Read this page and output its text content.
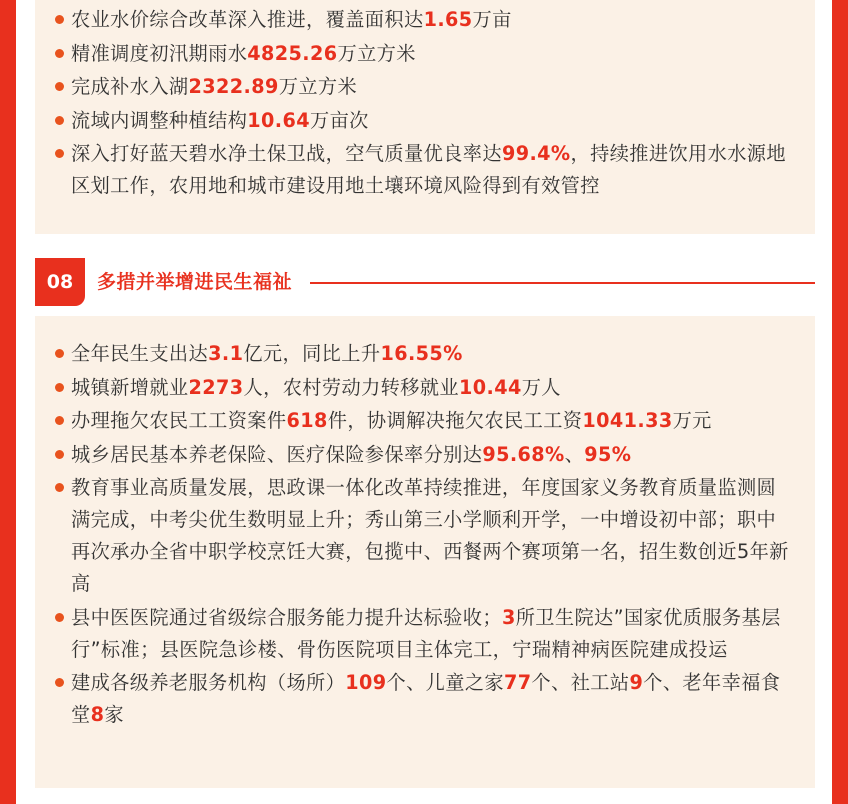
农业水价综合改革深入推进，覆盖面积达1.65万亩
精准调度初汛期雨水4825.26万立方米
完成补水入湖2322.89万立方米
流域内调整种植结构10.64万亩次
深入打好蓝天碧水净土保卫战，空气质量优良率达99.4%，持续推进饮用水水源地区划工作，农用地和城市建设用地土壤环境风险得到有效管控
08	多措并举增进民生福祉
全年民生支出达3.1亿元，同比上升16.55%
城镇新增就业2273人，农村劳动力转移就业10.44万人
办理拖欠农民工工资案件618件，协调解决拖欠农民工工资1041.33万元
城乡居民基本养老保险、医疗保险参保率分别达95.68%、95%
教育事业高质量发展，思政课一体化改革持续推进，年度国家义务教育质量监测圆满完成，中考尖优生数明显上升；秀山第三小学顺利开学，一中增设初中部；职中再次承办全省中职学校烹饪大赛，包揽中、西餐两个赛项第一名，招生数创近5年新高
县中医医院通过省级综合服务能力提升达标验收；3所卫生院达”国家优质服务基层行”标准；县医院急诊楼、骨伤医院项目主体完工，宁瑞精神病医院建成投运
建成各级养老服务机构（场所）109个、儿童之家77个、社工站9个、老年幸福食堂8家
